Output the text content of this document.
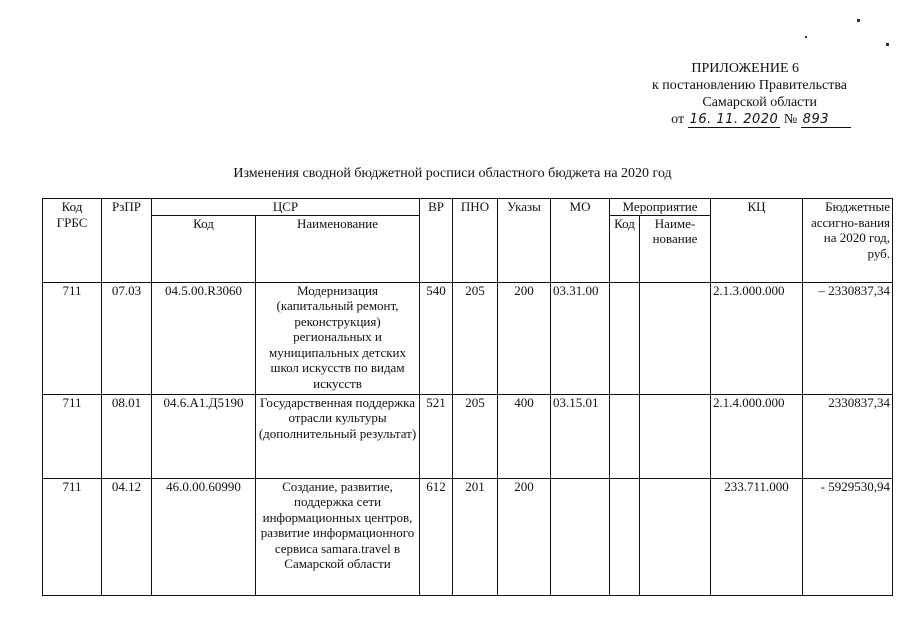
ПРИЛОЖЕНИЕ 6
к постановлению Правительства
Самарской области
от 16. 11. 2020 № 893
Изменения сводной бюджетной росписи областного бюджета на 2020 год
Код ГРБС	РзПР	ЦСР		ВР	ПНО	Указы	МО	Мероприятие		КЦ	Бюджетные ассигно-вания на 2020 год, руб.
		Код	Наименование					Код	Наиме-нование		
711	07.03	04.5.00.R3060	Модернизация (капитальный ремонт, реконструкция) региональных и муниципальных детских школ искусств по видам искусств	540	205	200	03.31.00			2.1.3.000.000	– 2330837,34
711	08.01	04.6.А1.Д5190	Государственная поддержка отрасли культуры (дополнительный результат)	521	205	400	03.15.01			2.1.4.000.000	2330837,34
711	04.12	46.0.00.60990	Создание, развитие, поддержка сети информационных центров, развитие информационного сервиса samara.travel в Самарской области	612	201	200				233.711.000	- 5929530,94
